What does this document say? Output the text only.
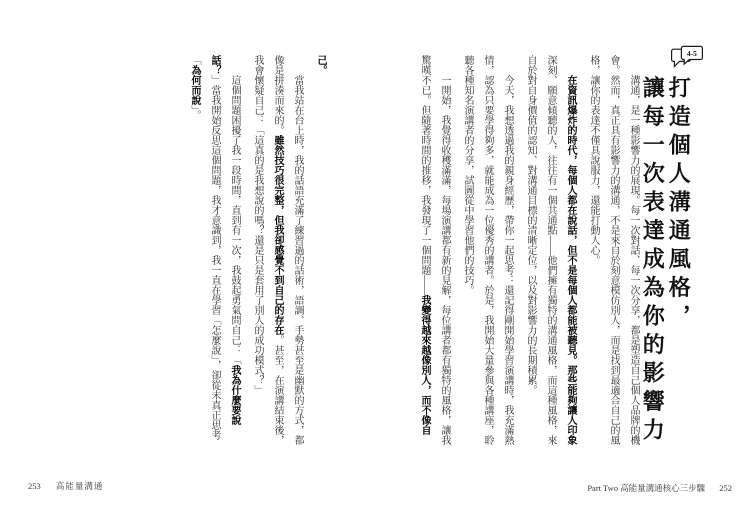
4-5
打造個人溝通風格，
讓每一次表達成為你的影響力

溝通，是一種影響力的展現。每一次對話、每一次分享，都是塑造自己個人品牌的機會。然而，真正具有影響力的溝通，不是來自於刻意模仿別人，而是找到最適合自己的風格，讓你的表達不僅具說服力，還能打動人心。

在資訊爆炸的時代，每個人都在說話，但不是每個人都能被聽見。那些能夠讓人印象深刻、願意傾聽的人，往往有一個共通點——他們擁有獨特的溝通風格，而這種風格，來自於對自身價值的認知、對溝通目標的清晰定位，以及對影響力的長期積累。

今天，我想透過我的親身經歷，帶你一起思考：還記得剛開始學習演講時，我充滿熱情，認為只要學得夠多，就能成為一位優秀的講者。於是，我開始大量參與各種講座，聆聽各種知名演講者的分享，試圖從中學習他們的技巧。

一開始，我覺得收穫滿滿，每場演講都有新的見解，每位講者都有獨特的風格，讓我驚嘆不已。但隨著時間的推移，我發現了一個問題——我變得越來越像別人，而不像自

Part Two 高能量溝通核心三步驟 252

己。

當我站在台上時，我的話語充滿了練習過的話術，語調、手勢甚至是幽默的方式，都像是拼湊而來的。雖然技巧很完整，但我卻感覺不到自己的存在。甚至，在演講結束後，我會懷疑自己：「這真的是我想說的嗎？還是只是套用了別人的成功模式？」

這個問題困擾了我一段時間，直到有一次，我鼓起勇氣問自己：「我為什麼要說話？」當我開始反思這個問題，我才意識到，我一直在學習「怎麼說」，卻從未真正思考「為何而說」。

253 高能量溝通
